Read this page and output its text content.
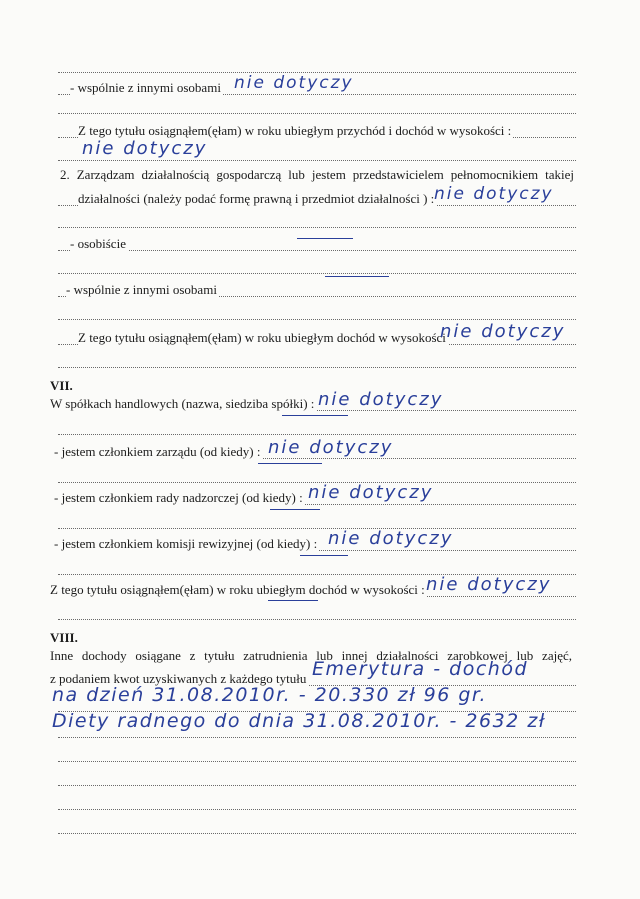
- wspólnie z innymi osobami nie dotyczy
Z tego tytułu osiągnąłem(ęłam) w roku ubiegłym przychód i dochód w wysokości :
nie dotyczy
2. Zarządzam działalnością gospodarczą lub jestem przedstawicielem pełnomocnikiem takiej
działalności (należy podać formę prawną i przedmiot działalności ) : nie dotyczy
- osobiście
- wspólnie z innymi osobami
Z tego tytułu osiągnąłem(ęłam) w roku ubiegłym dochód w wysokości
nie dotyczy
VII.
W spółkach handlowych (nazwa, siedziba spółki) : nie dotyczy
- jestem członkiem zarządu (od kiedy) : nie dotyczy
- jestem członkiem rady nadzorczej (od kiedy) : nie dotyczy
- jestem członkiem komisji rewizyjnej (od kiedy) : nie dotyczy
Z tego tytułu osiągnąłem(ęłam) w roku ubiegłym dochód w wysokości : nie dotyczy
VIII.
Inne dochody osiągane z tytułu zatrudnienia lub innej działalności zarobkowej lub zajęć,
z podaniem kwot uzyskiwanych z każdego tytułu Emerytura - dochód
na dzień 31.08.2010r. - 20.330 zł 96 gr.
Diety radnego do dnia 31.08.2010r. - 2632 zł
